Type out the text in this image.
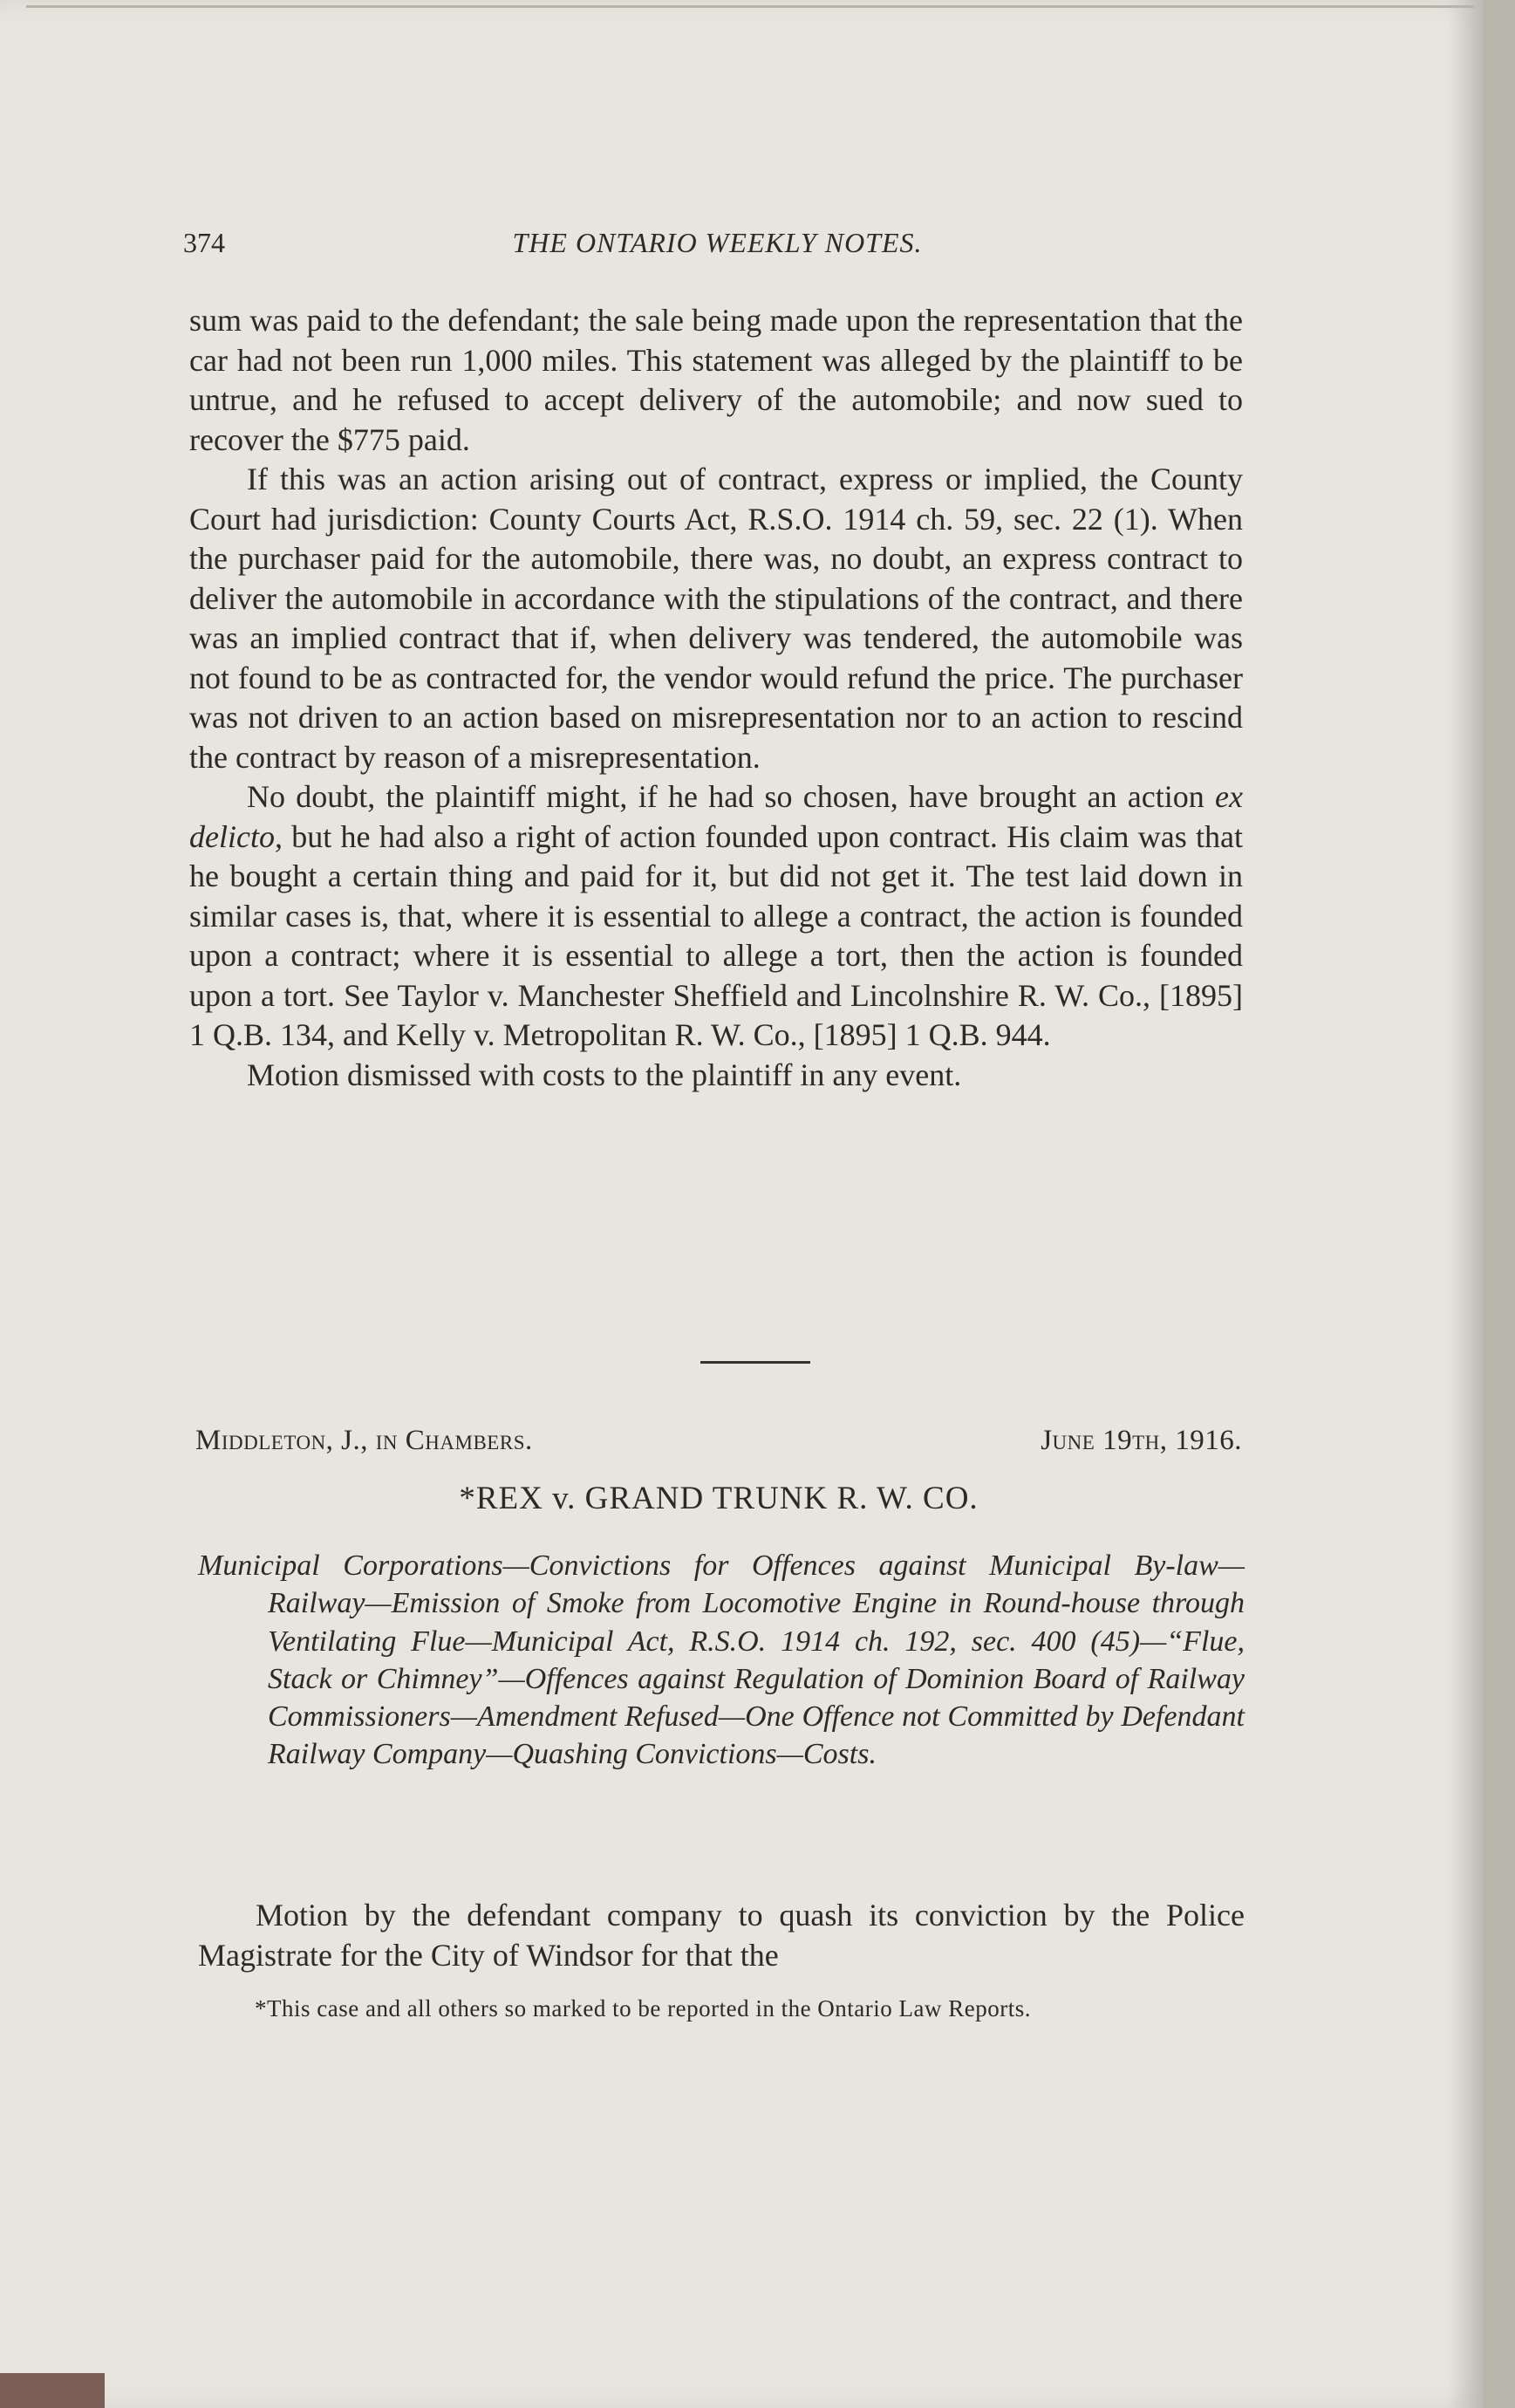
374	THE ONTARIO WEEKLY NOTES.

sum was paid to the defendant; the sale being made upon the representation that the car had not been run 1,000 miles. This statement was alleged by the plaintiff to be untrue, and he refused to accept delivery of the automobile; and now sued to recover the $775 paid.

If this was an action arising out of contract, express or implied, the County Court had jurisdiction: County Courts Act, R.S.O. 1914 ch. 59, sec. 22 (1). When the purchaser paid for the automobile, there was, no doubt, an express contract to deliver the automobile in accordance with the stipulations of the contract, and there was an implied contract that if, when delivery was tendered, the automobile was not found to be as contracted for, the vendor would refund the price. The purchaser was not driven to an action based on misrepresentation nor to an action to rescind the contract by reason of a misrepresentation.

No doubt, the plaintiff might, if he had so chosen, have brought an action ex delicto, but he had also a right of action founded upon contract. His claim was that he bought a certain thing and paid for it, but did not get it. The test laid down in similar cases is, that, where it is essential to allege a contract, the action is founded upon a contract; where it is essential to allege a tort, then the action is founded upon a tort. See Taylor v. Manchester Sheffield and Lincolnshire R. W. Co., [1895] 1 Q.B. 134, and Kelly v. Metropolitan R. W. Co., [1895] 1 Q.B. 944.

Motion dismissed with costs to the plaintiff in any event.

Middleton, J., in Chambers.	June 19th, 1916.
*REX v. GRAND TRUNK R. W. CO.
Municipal Corporations—Convictions for Offences against Municipal By-law—Railway—Emission of Smoke from Locomotive Engine in Round-house through Ventilating Flue—Municipal Act, R.S.O. 1914 ch. 192, sec. 400 (45)—“Flue, Stack or Chimney”—Offences against Regulation of Dominion Board of Railway Commissioners—Amendment Refused—One Offence not Committed by Defendant Railway Company—Quashing Convictions—Costs.

Motion by the defendant company to quash its conviction by the Police Magistrate for the City of Windsor for that the

*This case and all others so marked to be reported in the Ontario Law Reports.
